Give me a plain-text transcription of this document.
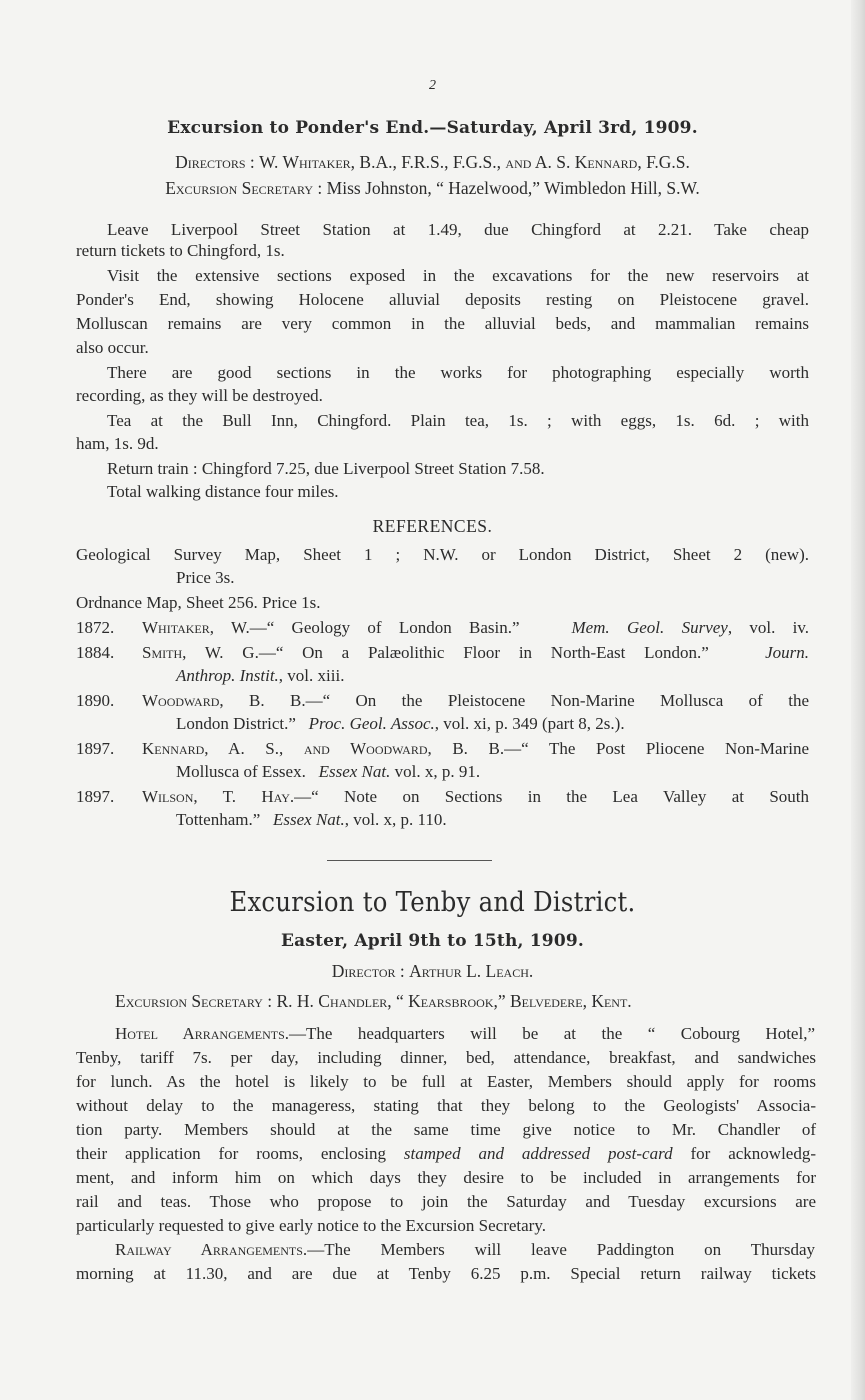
2
Excursion to Ponder's End.—Saturday, April 3rd, 1909.
Directors : W. Whitaker, B.A., F.R.S., F.G.S., and A. S. Kennard, F.G.S.
Excursion Secretary : Miss Johnston, “ Hazelwood,” Wimbledon Hill, S.W.
Leave Liverpool Street Station at 1.49, due Chingford at 2.21. Take cheap
return tickets to Chingford, 1s.
Visit the extensive sections exposed in the excavations for the new reservoirs at
Ponder's End, showing Holocene alluvial deposits resting on Pleistocene gravel.
Molluscan remains are very common in the alluvial beds, and mammalian remains
also occur.
There are good sections in the works for photographing especially worth
recording, as they will be destroyed.
Tea at the Bull Inn, Chingford. Plain tea, 1s. ; with eggs, 1s. 6d. ; with
ham, 1s. 9d.
Return train : Chingford 7.25, due Liverpool Street Station 7.58.
Total walking distance four miles.
REFERENCES.
Geological Survey Map, Sheet 1 ; N.W. or London District, Sheet 2 (new).
Price 3s.
Ordnance Map, Sheet 256. Price 1s.
1872. Whitaker, W.—“ Geology of London Basin.”	Mem. Geol. Survey, vol. iv.
1884. Smith, W. G.—“ On a Palæolithic Floor in North-East London.”	Journ.
Anthrop. Instit., vol. xiii.
1890. Woodward, B. B.—“ On the Pleistocene Non-Marine Mollusca of the
London District.” Proc. Geol. Assoc., vol. xi, p. 349 (part 8, 2s.).
1897. Kennard, A. S., and Woodward, B. B.—“ The Post Pliocene Non-Marine
Mollusca of Essex. Essex Nat. vol. x, p. 91.
1897. Wilson, T. Hay.—“ Note on Sections in the Lea Valley at South
Tottenham.” Essex Nat., vol. x, p. 110.
Excursion to Tenby and District.
Easter, April 9th to 15th, 1909.
Director : Arthur L. Leach.
Excursion Secretary : R. H. Chandler, “ Kearsbrook,” Belvedere, Kent.
Hotel Arrangements.—The headquarters will be at the “ Cobourg Hotel,”
Tenby, tariff 7s. per day, including dinner, bed, attendance, breakfast, and sandwiches
for lunch. As the hotel is likely to be full at Easter, Members should apply for rooms
without delay to the manageress, stating that they belong to the Geologists' Associa-
tion party. Members should at the same time give notice to Mr. Chandler of
their application for rooms, enclosing stamped and addressed post-card for acknowledg-
ment, and inform him on which days they desire to be included in arrangements for
rail and teas. Those who propose to join the Saturday and Tuesday excursions are
particularly requested to give early notice to the Excursion Secretary.
Railway Arrangements.—The Members will leave Paddington on Thursday
morning at 11.30, and are due at Tenby 6.25 p.m. Special return railway tickets
